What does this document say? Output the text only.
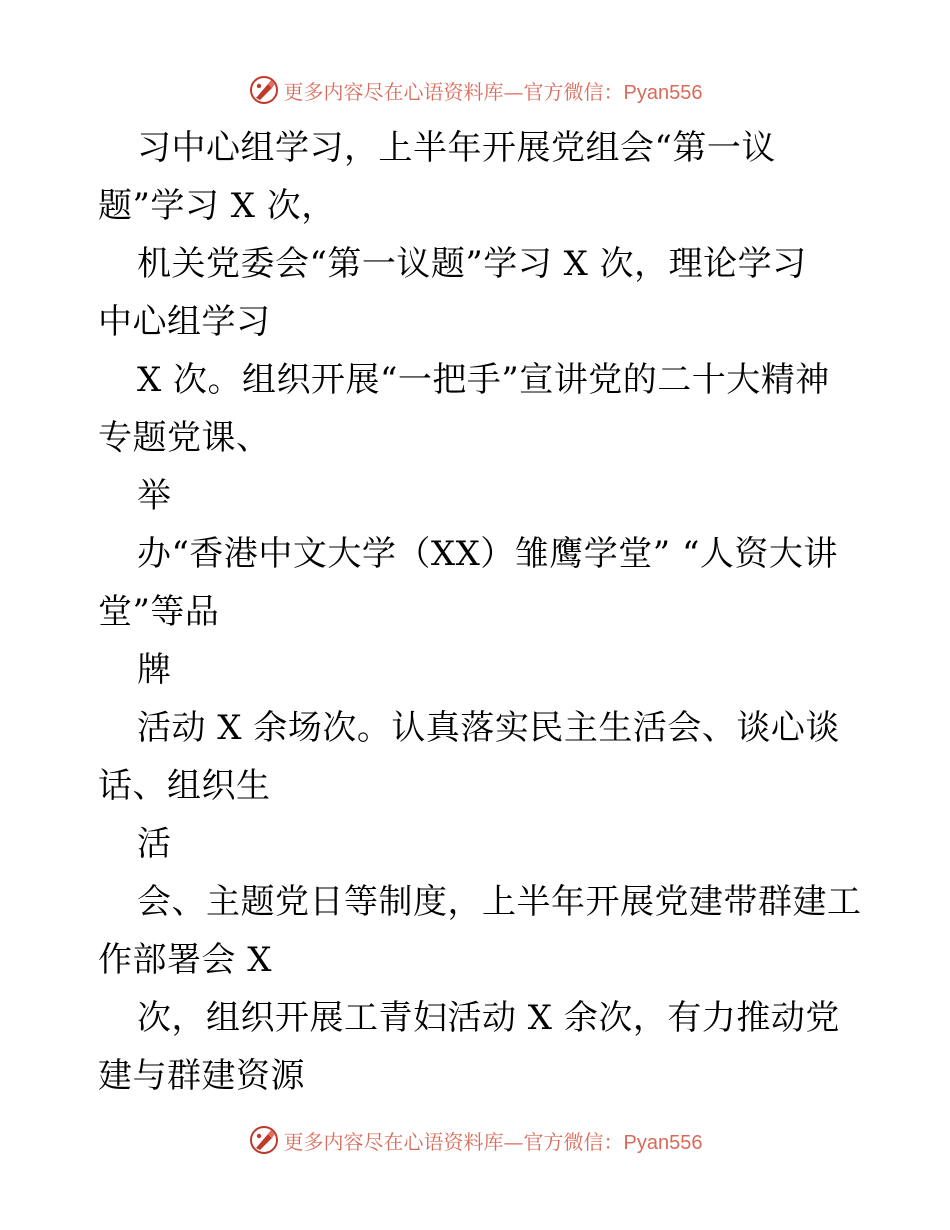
更多内容尽在心语资料库—官方微信：Pyan556
习中心组学习，上半年开展党组会“第一议
题”学习 X 次，
机关党委会“第一议题”学习 X 次，理论学习
中心组学习
X 次。组织开展“一把手”宣讲党的二十大精神
专题党课、
举
办“香港中文大学（XX）雏鹰学堂” “人资大讲
堂”等品
牌
活动 X 余场次。认真落实民主生活会、谈心谈
话、组织生
活
会、主题党日等制度，上半年开展党建带群建工
作部署会 X
次，组织开展工青妇活动 X 余次，有力推动党
建与群建资源
更多内容尽在心语资料库—官方微信：Pyan556
